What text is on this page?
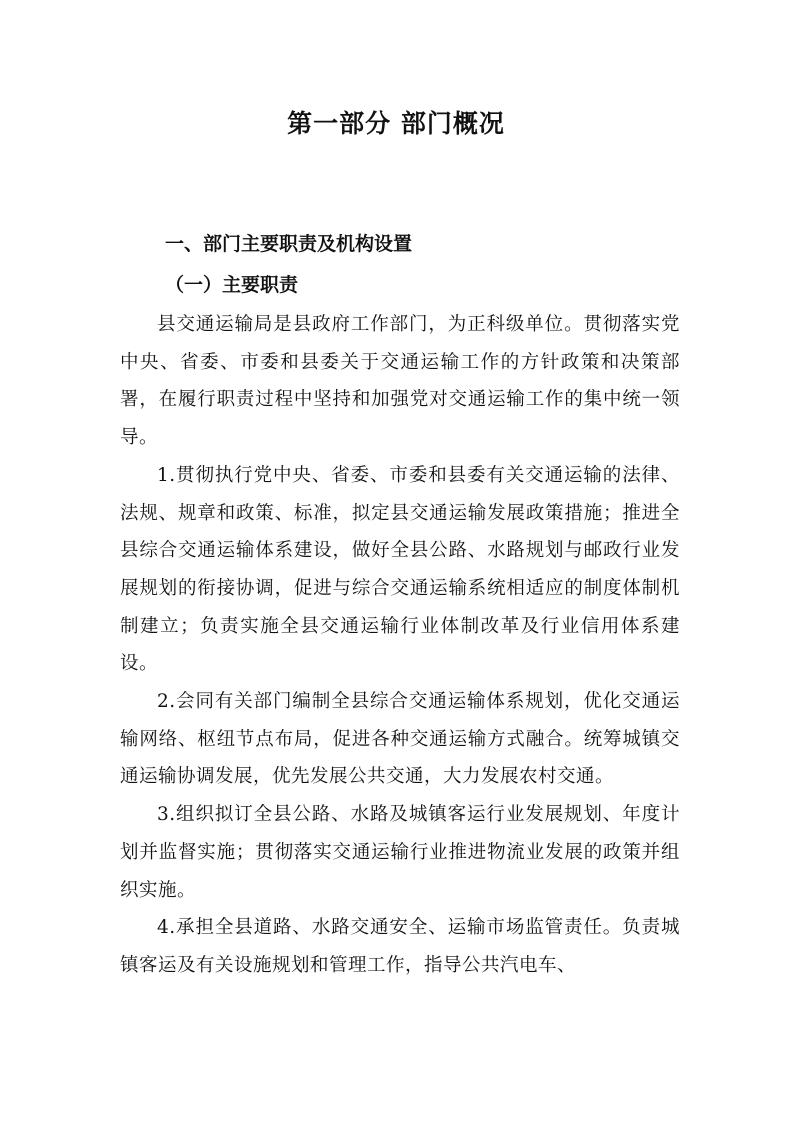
第一部分 部门概况
一、部门主要职责及机构设置
（一）主要职责

县交通运输局是县政府工作部门，为正科级单位。贯彻落实党中央、省委、市委和县委关于交通运输工作的方针政策和决策部署，在履行职责过程中坚持和加强党对交通运输工作的集中统一领导。

1.贯彻执行党中央、省委、市委和县委有关交通运输的法律、法规、规章和政策、标准，拟定县交通运输发展政策措施；推进全县综合交通运输体系建设，做好全县公路、水路规划与邮政行业发展规划的衔接协调，促进与综合交通运输系统相适应的制度体制机制建立；负责实施全县交通运输行业体制改革及行业信用体系建设。

2.会同有关部门编制全县综合交通运输体系规划，优化交通运输网络、枢纽节点布局，促进各种交通运输方式融合。统筹城镇交通运输协调发展，优先发展公共交通，大力发展农村交通。

3.组织拟订全县公路、水路及城镇客运行业发展规划、年度计划并监督实施；贯彻落实交通运输行业推进物流业发展的政策并组织实施。

4.承担全县道路、水路交通安全、运输市场监管责任。负责城镇客运及有关设施规划和管理工作，指导公共汽电车、
